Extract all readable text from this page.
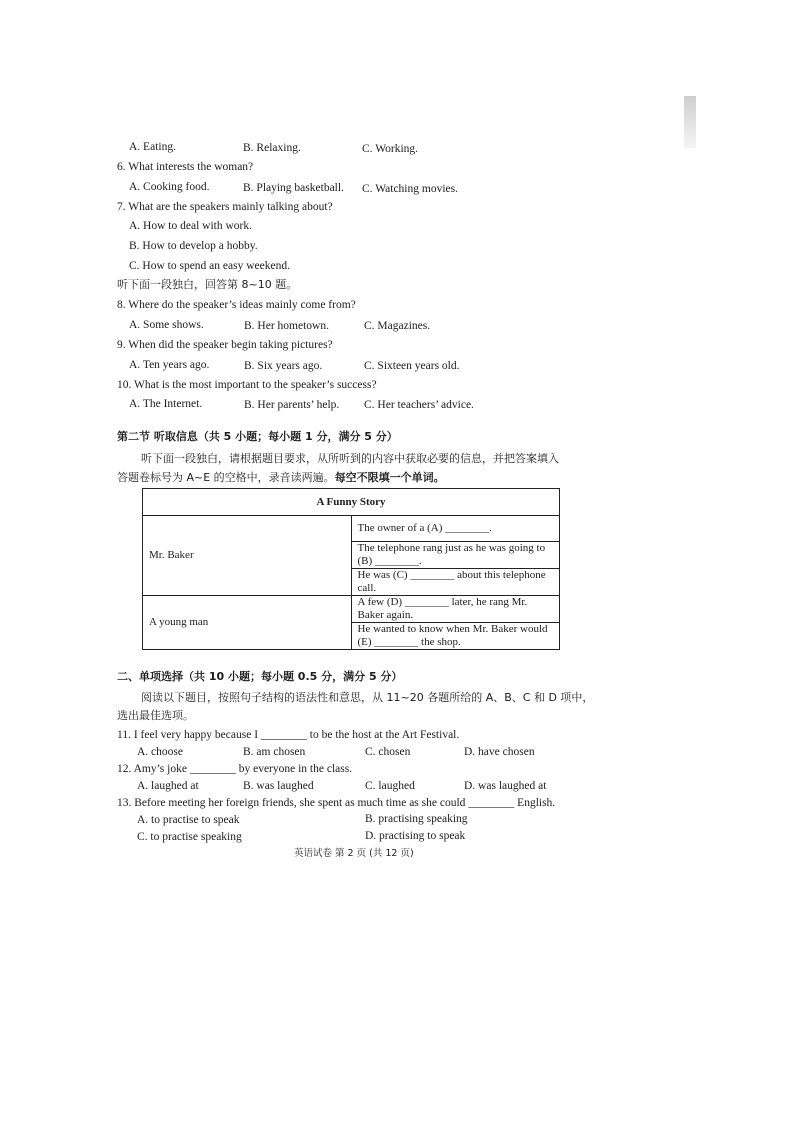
A. Eating.	B. Relaxing.	C. Working.
6. What interests the woman?
A. Cooking food.	B. Playing basketball. C. Watching movies.
7. What are the speakers mainly talking about?
A. How to deal with work.
B. How to develop a hobby.
C. How to spend an easy weekend.
听下面一段独白，回答第 8~10 题。
8. Where do the speaker’s ideas mainly come from?
A. Some shows.	B. Her hometown.	C. Magazines.
9. When did the speaker begin taking pictures?
A. Ten years ago.	B. Six years ago.	C. Sixteen years old.
10. What is the most important to the speaker’s success?
A. The Internet.	B. Her parents’ help. C. Her teachers’ advice.
第二节 听取信息（共 5 小题；每小题 1 分，满分 5 分）
听下面一段独白，请根据题目要求，从所听到的内容中获取必要的信息，并把答案填入
答题卷标号为 A~E 的空格中，录音读两遍。每空不限填一个单词。
A Funny Story	
Mr. Baker	The owner of a (A) ________.
	The telephone rang just as he was going to (B) ________.
	He was (C) ________ about this telephone call.
A young man	A few (D) ________ later, he rang Mr. Baker again.
	He wanted to know when Mr. Baker would (E) ________ the shop.
二、单项选择（共 10 小题；每小题 0.5 分，满分 5 分）
阅读以下题目，按照句子结构的语法性和意思，从 11~20 各题所给的 A、B、C 和 D 项中，
选出最佳选项。
11. I feel very happy because I ________ to be the host at the Art Festival.
A. choose	B. am chosen	C. chosen	D. have chosen
12. Amy’s joke ________ by everyone in the class.
A. laughed at	B. was laughed	C. laughed	D. was laughed at
13. Before meeting her foreign friends, she spent as much time as she could ________ English.
A. to practise to speak	B. practising speaking
C. to practise speaking	D. practising to speak
英语试卷 第 2 页 (共 12 页)
